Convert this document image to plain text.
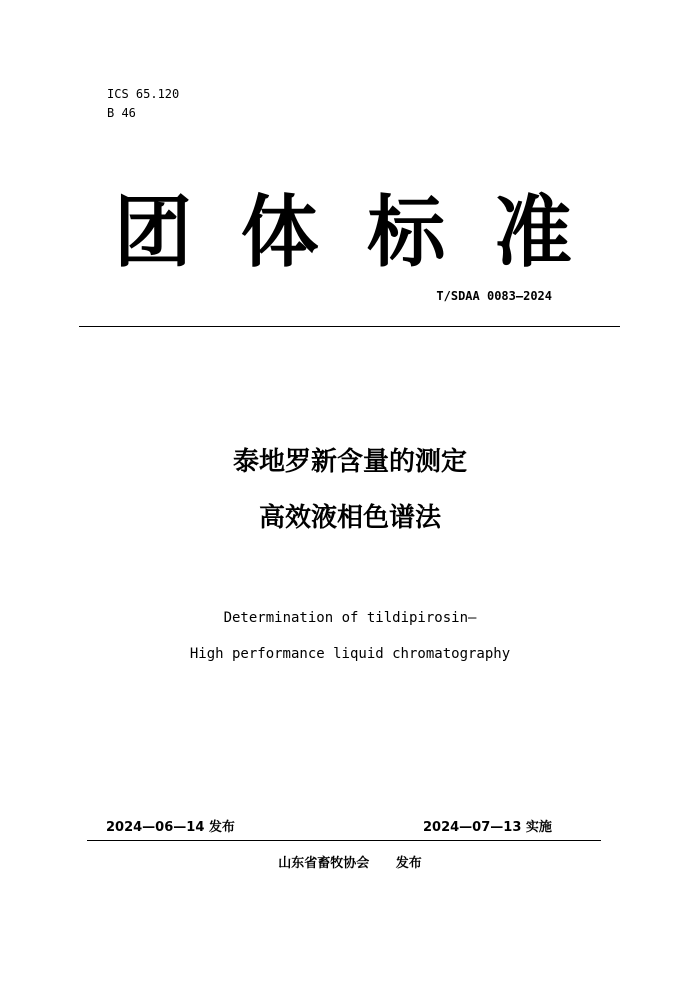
ICS 65.120
B 46
团 体 标 准
T/SDAA 0083—2024
泰地罗新含量的测定
高效液相色谱法
Determination of tildipirosin—
High performance liquid chromatography
2024—06—14 发布	2024—07—13 实施
山东省畜牧协会 发布
